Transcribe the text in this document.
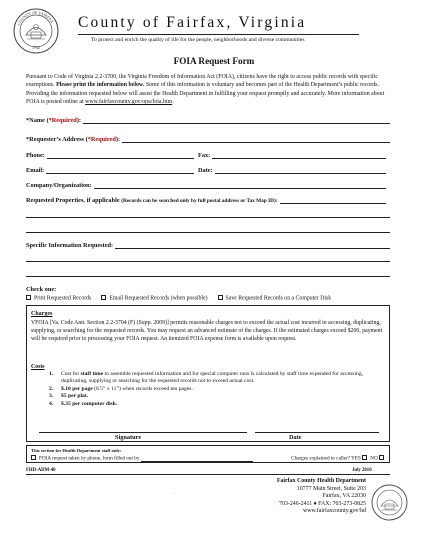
COUNTY OF FAIRFAX
1742
County of Fairfax, Virginia
To protect and enrich the quality of life for the people, neighborhoods and diverse communities
FOIA Request Form
Pursuant to Code of Virginia 2.2-3700, the Virginia Freedom of Information Act (FOIA), citizens have the right to access public records with specific exemptions. Please print the information below. Some of this information is voluntary and becomes part of the Health Department’s public records. Providing the information requested below will assist the Health Department in fulfilling your request promptly and accurately. More information about FOIA is posted online at www.fairfaxcounty.gov/opa/foia.htm.
*Name (*Required):
*Requester’s Address (*Required):
Phone:	Fax:
Email:	Date:
Company/Organization:
Requested Properties, if applicable (Records can be searched only by full postal address or Tax Map ID):
Specific Information Requested:
Check one:
Print Requested Records	Email Requested Records (when possible)	Save Requested Records on a Computer Disk
Charges
VFOIA [Va. Code Ann. Section 2.2-3704 (F) (Supp. 2009)] permits reasonable charges not to exceed the actual cost incurred in accessing, duplicating, supplying, or searching for the requested records. You may request an advanced estimate of the charges. If the estimated charges exceed $200, payment will be required prior to processing your FOIA request. An itemized FOIA expense form is available upon request.
Costs
1.	Cost for staff time to assemble requested information and for special computer runs is calculated by staff time expended for accessing, duplicating, supplying or searching for the requested records not to exceed actual cost.
2.	$.10 per page (8.5” x 11”) when records exceed ten pages.
3.	$5 per plat.
4.	$.35 per computer disk.
Signature	Date
This section for Health Department staff only:
FOIA request taken by phone, form filled out by	Charges explained to caller? YES NO
FHD-ADM-40	July 2010
·
Fairfax County Health Department
10777 Main Street, Suite 203
Fairfax, VA 22030
703-246-2411 ♦ FAX: 703-273-0825
www.fairfaxcounty.gov/hd
